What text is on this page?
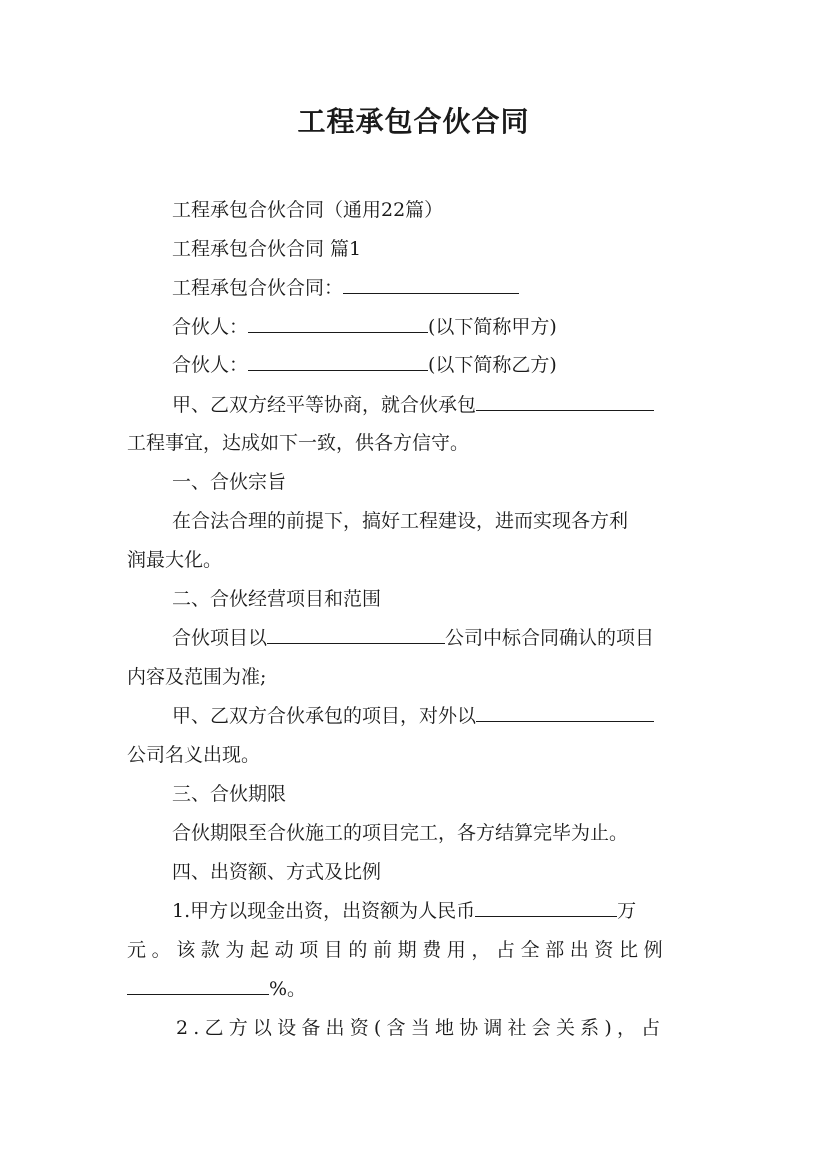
工程承包合伙合同
工程承包合伙合同（通用22篇）
工程承包合伙合同 篇1
工程承包合伙合同：
合伙人：	(以下简称甲方)
合伙人：	(以下简称乙方)
甲、乙双方经平等协商，就合伙承包
工程事宜，达成如下一致，供各方信守。
一、合伙宗旨
在合法合理的前提下，搞好工程建设，进而实现各方利
润最大化。
二、合伙经营项目和范围
合伙项目以	公司中标合同确认的项目
内容及范围为准;
甲、乙双方合伙承包的项目，对外以
公司名义出现。
三、合伙期限
合伙期限至合伙施工的项目完工，各方结算完毕为止。
四、出资额、方式及比例
1.甲方以现金出资，出资额为人民币	万
元。该款为起动项目的前期费用，占全部出资比例
%。
2.乙方以设备出资(含当地协调社会关系)，占
